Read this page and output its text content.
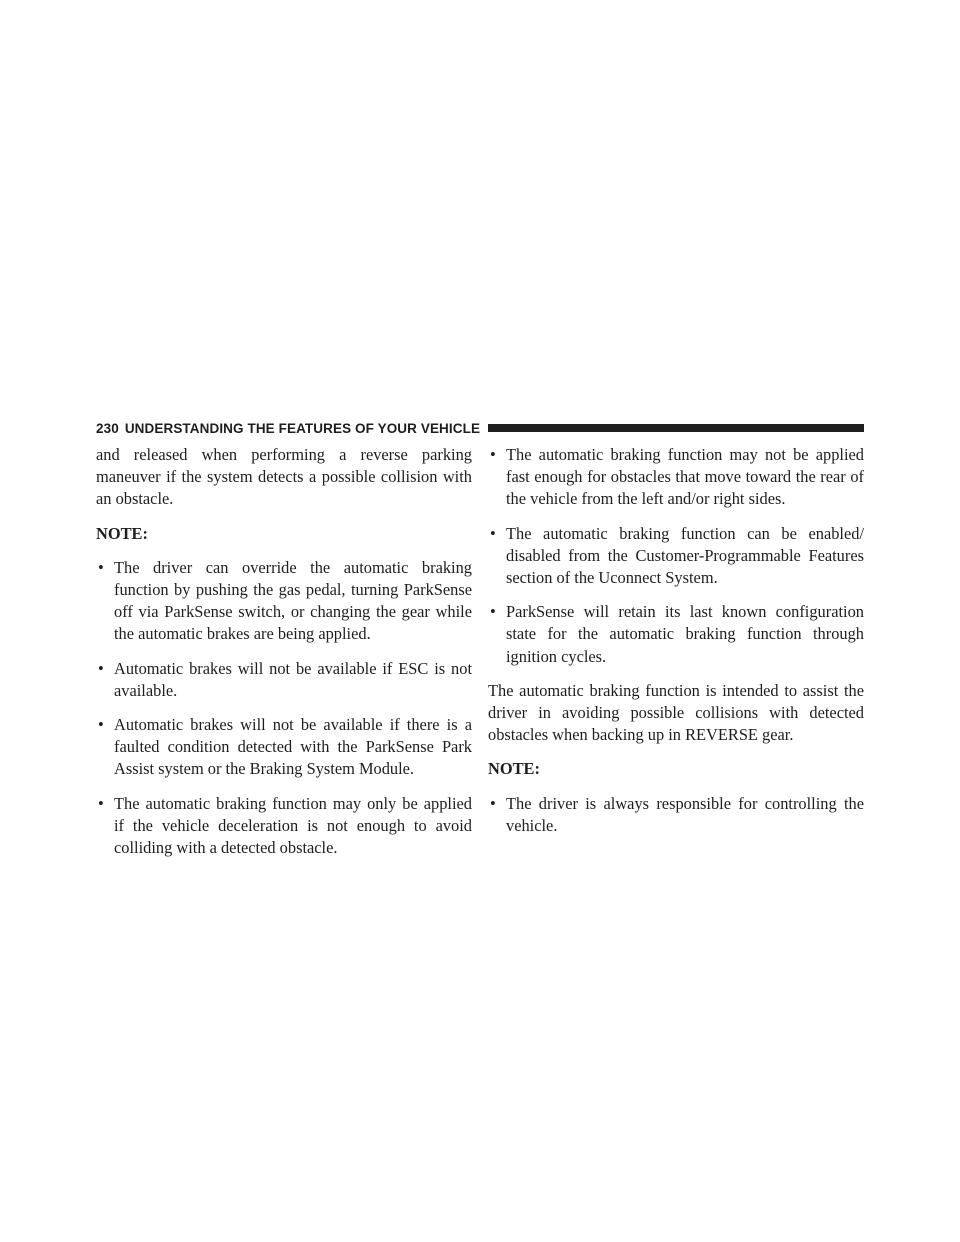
230 UNDERSTANDING THE FEATURES OF YOUR VEHICLE

and released when performing a reverse parking maneuver if the system detects a possible collision with an obstacle.

NOTE:
• The driver can override the automatic braking function by pushing the gas pedal, turning ParkSense off via ParkSense switch, or changing the gear while the automatic brakes are being applied.
• Automatic brakes will not be available if ESC is not available.
• Automatic brakes will not be available if there is a faulted condition detected with the ParkSense Park Assist system or the Braking System Module.
• The automatic braking function may only be applied if the vehicle deceleration is not enough to avoid colliding with a detected obstacle.
• The automatic braking function may not be applied fast enough for obstacles that move toward the rear of the vehicle from the left and/or right sides.
• The automatic braking function can be enabled/ disabled from the Customer-Programmable Features section of the Uconnect System.
• ParkSense will retain its last known configuration state for the automatic braking function through ignition cycles.

The automatic braking function is intended to assist the driver in avoiding possible collisions with detected obstacles when backing up in REVERSE gear.

NOTE:
• The driver is always responsible for controlling the vehicle.
